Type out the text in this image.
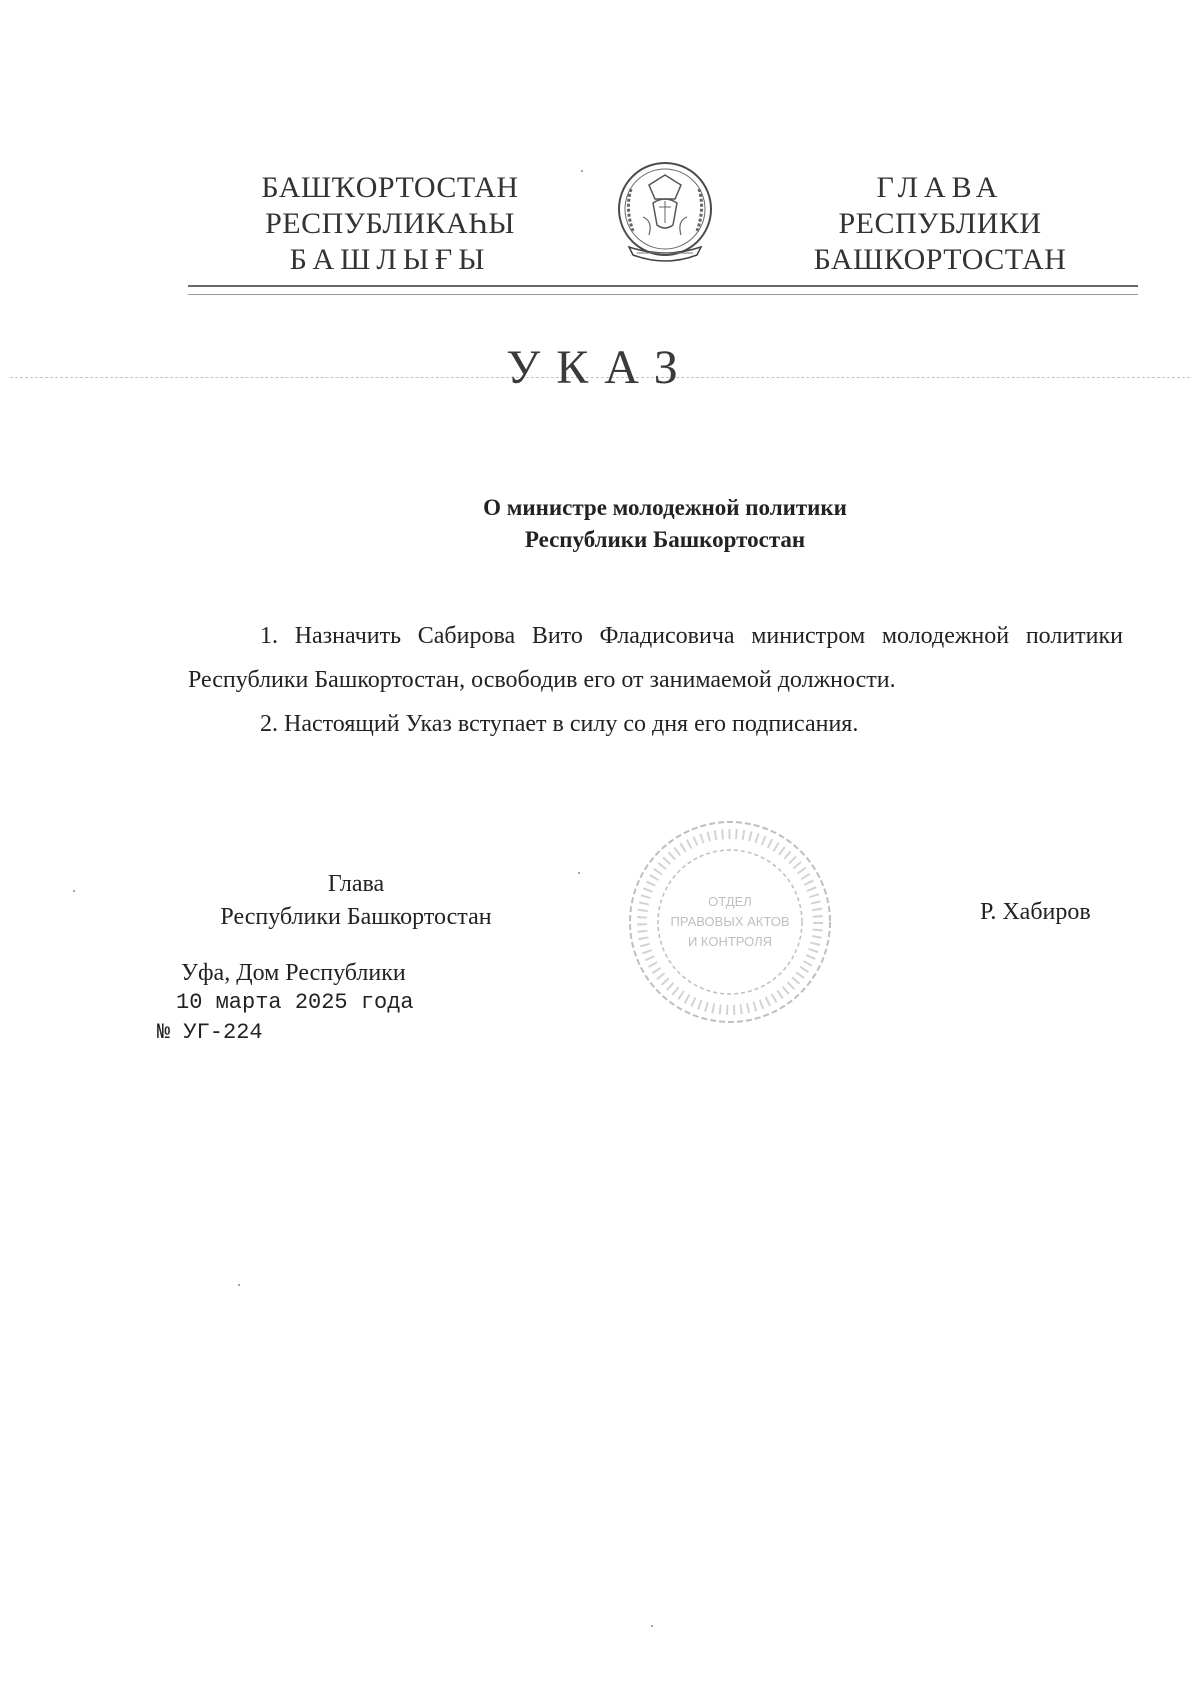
БАШҠОРТОСТАН
РЕСПУБЛИКАҺЫ
БАШЛЫҒЫ
ГЛАВА
РЕСПУБЛИКИ
БАШКОРТОСТАН
УКАЗ
О министре молодежной политики
Республики Башкортостан

1. Назначить Сабирова Вито Фладисовича министром молодежной политики Республики Башкортостан, освободив его от занимаемой должности.

2. Настоящий Указ вступает в силу со дня его подписания.

Глава
Республики Башкортостан	Р. Хабиров
ОТДЕЛ
ПРАВОВЫХ АКТОВ
И КОНТРОЛЯ
Уфа, Дом Республики
10 марта 2025 года
№ УГ-224
